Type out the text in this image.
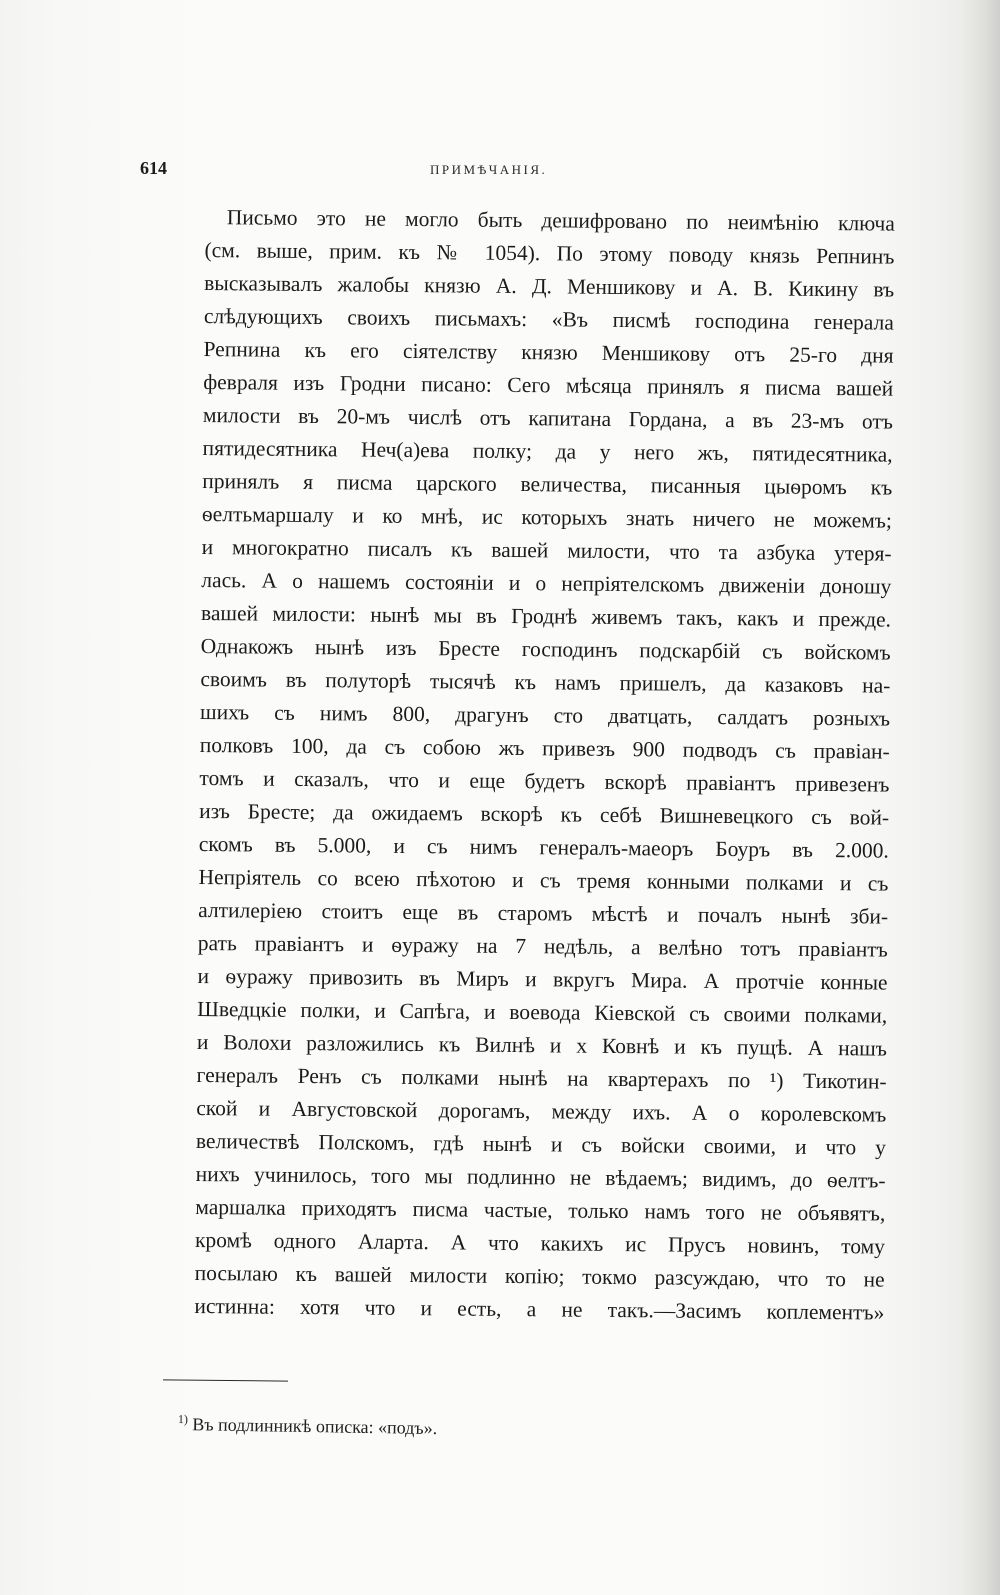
614	ПРИМѢЧАНІЯ.

Письмо это не могло быть дешифровано по неимѣнію ключа
(см. выше, прим. къ № 1054). По этому поводу князь Репнинъ
высказывалъ жалобы князю А. Д. Меншикову и А. В. Кикину въ
слѣдующихъ своихъ письмахъ: «Въ писмѣ господина генерала
Репнина къ его сіятелству князю Меншикову отъ 25-го дня
февраля изъ Гродни писано: Сего мѣсяца принялъ я писма вашей
милости въ 20-мъ числѣ отъ капитана Гордана, а въ 23-мъ отъ
пятидесятника Неч(а)ева полку; да у него жъ, пятидесятника,
принялъ я писма царского величества, писанныя цыѳромъ къ
ѳелтьмаршалу и ко мнѣ, ис которыхъ знать ничего не можемъ;
и многократно писалъ къ вашей милости, что та азбука утеря-
лась. А о нашемъ состояніи и о непріятелскомъ движеніи доношу
вашей милости: нынѣ мы въ Гроднѣ живемъ такъ, какъ и прежде.
Однакожъ нынѣ изъ Бресте господинъ подскарбій съ войскомъ
своимъ въ полуторѣ тысячѣ къ намъ пришелъ, да казаковъ на-
шихъ съ нимъ 800, драгунъ сто дватцать, салдатъ розныхъ
полковъ 100, да съ собою жъ привезъ 900 подводъ съ правіан-
томъ и сказалъ, что и еще будетъ вскорѣ правіантъ привезенъ
изъ Бресте; да ожидаемъ вскорѣ къ себѣ Вишневецкого съ вой-
скомъ въ 5.000, и съ нимъ генералъ-маеоръ Боуръ въ 2.000.
Непріятель со всею пѣхотою и съ тремя конными полками и съ
алтилеріею стоитъ еще въ старомъ мѣстѣ и почалъ нынѣ зби-
рать правіантъ и ѳуражу на 7 недѣль, а велѣно тотъ правіантъ
и ѳуражу привозить въ Миръ и вкругъ Мира. А протчіе конные
Шведцкіе полки, и Сапѣга, и воевода Кіевской съ своими полками,
и Волохи разложились къ Вилнѣ и х Ковнѣ и къ пущѣ. А нашъ
генералъ Ренъ съ полками нынѣ на квартерахъ по ¹) Тикотин-
ской и Августовской дорогамъ, между ихъ. А о королевскомъ
величествѣ Полскомъ, гдѣ нынѣ и съ войски своими, и что у
нихъ учинилось, того мы подлинно не вѣдаемъ; видимъ, до ѳелтъ-
маршалка приходятъ писма частые, только намъ того не объявятъ,
кромѣ одного Аларта. А что какихъ ис Прусъ новинъ, тому
посылаю къ вашей милости копію; токмо разсуждаю, что то не
истинна: хотя что и есть, а не такъ.—Засимъ коплементъ»

$^{1)}$ Въ подлинникѣ описка: «подъ».
